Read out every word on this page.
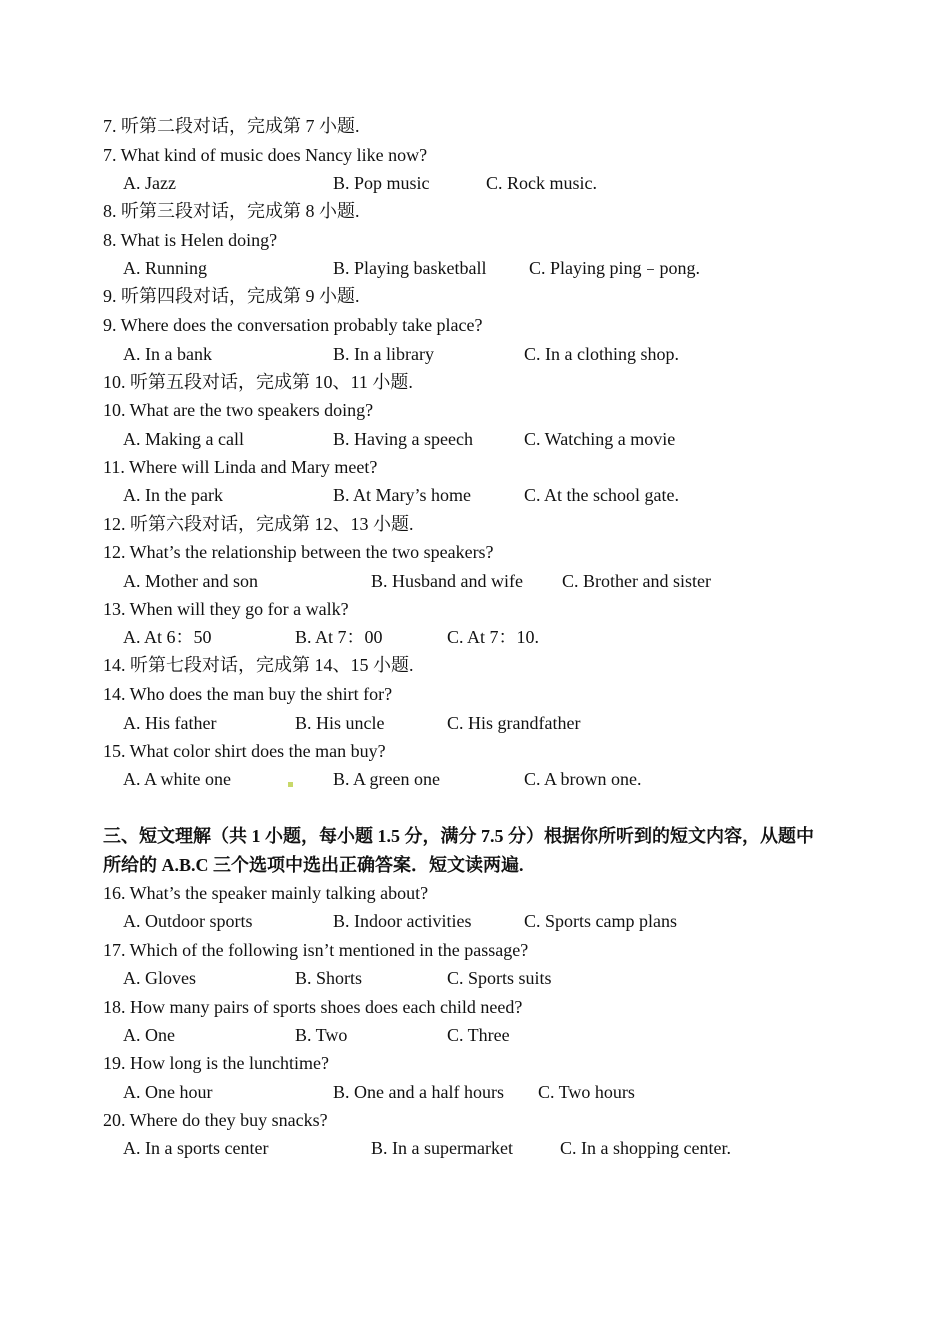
7. 听第二段对话，完成第 7 小题.
7. What kind of music does Nancy like now?
A. Jazz	B. Pop music	C. Rock music.
8. 听第三段对话，完成第 8 小题.
8. What is Helen doing?
A. Running	B. Playing basketball C. Playing ping﹣pong.
9. 听第四段对话，完成第 9 小题.
9. Where does the conversation probably take place?
A. In a bank	B. In a library	C. In a clothing shop.
10. 听第五段对话，完成第 10、11 小题.
10. What are the two speakers doing?
A. Making a call	B. Having a speech	C. Watching a movie
11. Where will Linda and Mary meet?
A. In the park	B. At Mary’s home	C. At the school gate.
12. 听第六段对话，完成第 12、13 小题.
12. What’s the relationship between the two speakers?
A. Mother and son	B. Husband and wife C. Brother and sister
13. When will they go for a walk?
A. At 6：50	B. At 7：00	C. At 7：10.
14. 听第七段对话，完成第 14、15 小题.
14. Who does the man buy the shirt for?
A. His father	B. His uncle	C. His grandfather
15. What color shirt does the man buy?
A. A white one	B. A green one	C. A brown one.
三、短文理解（共 1 小题，每小题 1.5 分，满分 7.5 分）根据你所听到的短文内容，从题中
所给的 A.B.C 三个选项中选出正确答案．短文读两遍.
16. What’s the speaker mainly talking about?
A. Outdoor sports	B. Indoor activities	C. Sports camp plans
17. Which of the following isn’t mentioned in the passage?
A. Gloves	B. Shorts	C. Sports suits
18. How many pairs of sports shoes does each child need?
A. One	B. Two	C. Three
19. How long is the lunchtime?
A. One hour	B. One and a half hours C. Two hours
20. Where do they buy snacks?
A. In a sports center	B. In a supermarket	C. In a shopping center.
